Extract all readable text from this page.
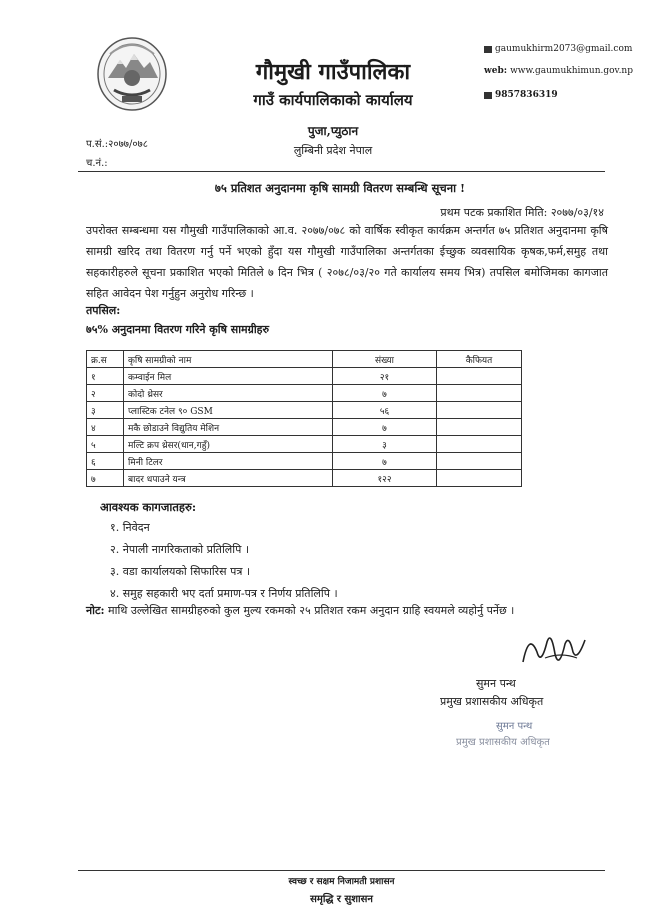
गौमुखी गाउँपालिका
गाउँ कार्यपालिकाको कार्यालय
पुजा,प्युठान
लुम्बिनी प्रदेश नेपाल
gaumukhirm2073@gmail.com
web: www.gaumukhimun.gov.np
9857836319
प.सं.:२०७७/०७८
च.नं.:
७५ प्रतिशत अनुदानमा कृषि सामग्री वितरण सम्बन्धि सूचना !
प्रथम पटक प्रकाशित मिति: २०७७/०३/१४
उपरोक्त सम्बन्धमा यस गौमुखी गाउँपालिकाको आ.व. २०७७/०७८ को वार्षिक स्वीकृत कार्यक्रम अन्तर्गत ७५ प्रतिशत अनुदानमा कृषि सामग्री खरिद तथा वितरण गर्नु पर्ने भएको हुँदा यस गौमुखी गाउँपालिका अन्तर्गतका ईच्छुक व्यवसायिक कृषक,फर्म,समुह तथा सहकारीहरुले सूचना प्रकाशित भएको मितिले ७ दिन भित्र ( २०७८/०३/२० गते कार्यालय समय भित्र) तपसिल बमोजिमका कागजात सहित आवेदन पेश गर्नुहुन अनुरोध गरिन्छ ।
तपसिल:
७५% अनुदानमा वितरण गरिने कृषि सामग्रीहरु
क्र.स	कृषि सामग्रीको नाम	संख्या	कैफियत
१	कम्वाईन मिल	२१	
२	कोदो थ्रेसर	७	
३	प्लास्टिक टनेल ९० GSM	५६	
४	मकै छोडाउने विद्युतिय मेशिन	७	
५	मल्टि क्रप थ्रेसर(धान,गहुँ)	३	
६	मिनी टिलर	७	
७	बादर धपाउने यन्त्र	१२२	
आवश्यक कागजातहरु:
१. निवेदन
२. नेपाली नागरिकताको प्रतिलिपि ।
३. वडा कार्यालयको सिफारिस पत्र ।
४. समुह सहकारी भए दर्ता प्रमाण-पत्र र निर्णय प्रतिलिपि ।
नोट: माथि उल्लेखित सामग्रीहरुको कुल मुल्य रकमको २५ प्रतिशत रकम अनुदान ग्राहि स्वयमले व्यहोर्नु पर्नेछ ।
सुमन पन्थ
प्रमुख प्रशासकीय अधिकृत
सुमन पन्थ
प्रमुख प्रशासकीय अधिकृत
स्वच्छ र सक्षम निजामती प्रशासन
समृद्धि र सुशासन
